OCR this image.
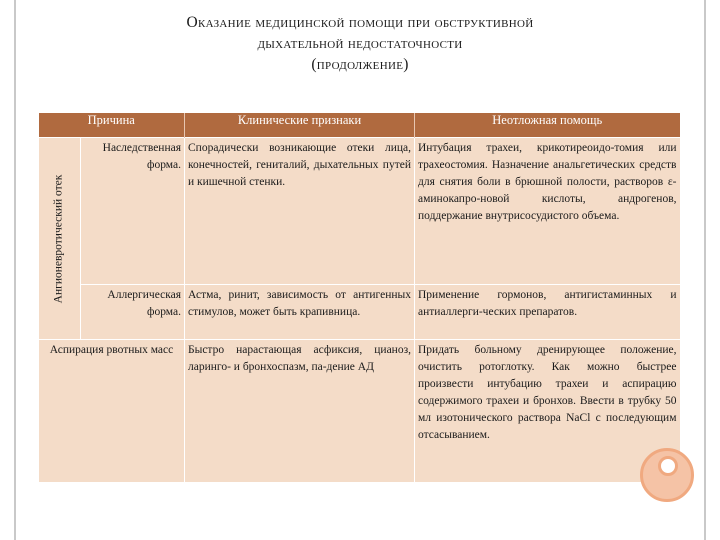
Оказание медицинской помощи при обструктивной
дыхательной недостаточности
(продолжение)
Причина		Клинические признаки	Неотложная помощь

Ангионевротический отек	Наследственная форма.	Спорадически возникающие отеки лица, конечностей, гениталий, дыхательных путей и кишечной стенки.	Интубация трахеи, крикотиреоидо-томия или трахеостомия. Назначение анальгетических средств для снятия боли в брюшной полости, растворов ε-аминокапро-новой кислоты, андрогенов, поддержание внутрисосудистого объема.
	Аллергическая форма.	Астма, ринит, зависимость от антигенных стимулов, может быть крапивница.	Применение гормонов, антигистаминных и антиаллерги-ческих препаратов.
Аспирация рвотных масс		Быстро нарастающая асфиксия, цианоз, ларинго- и бронхоспазм, па-дение АД	Придать больному дренирующее положение, очистить ротоглотку. Как можно быстрее произвести интубацию трахеи и аспирацию содержимого трахеи и бронхов. Ввести в трубку 50 мл изотонического раствора NaCl с последующим отсасыванием.
